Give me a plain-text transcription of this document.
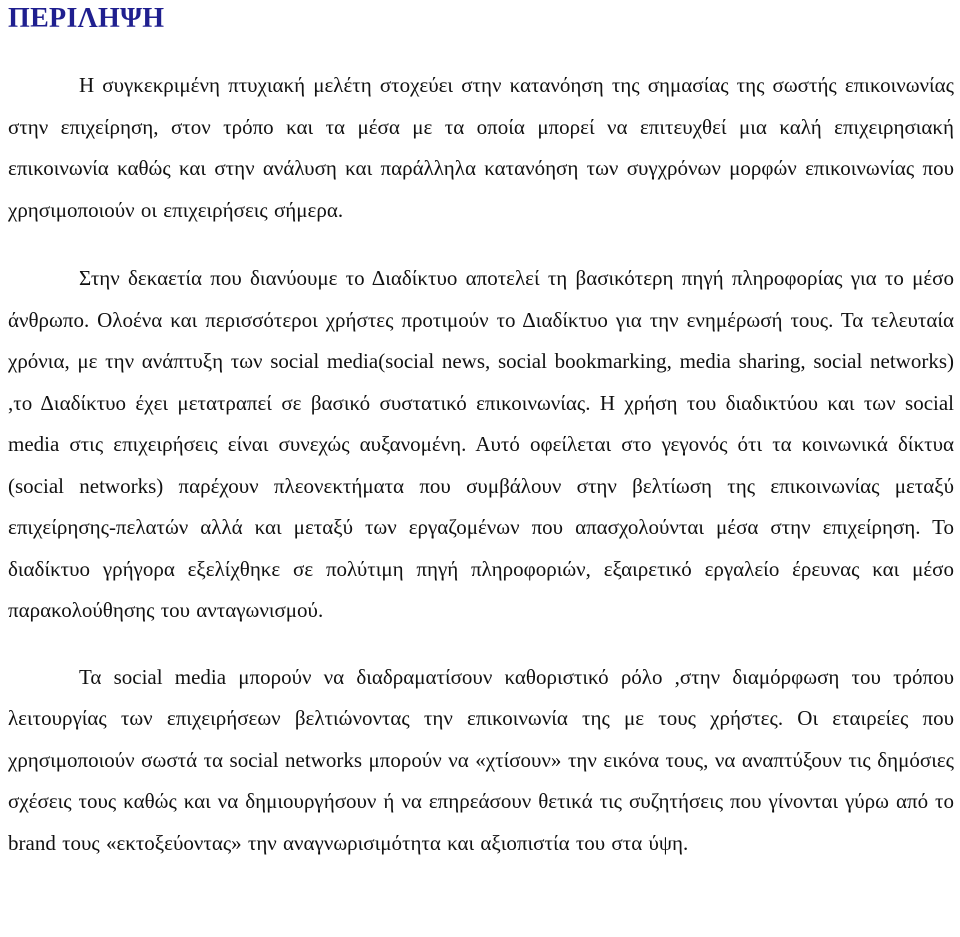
ΠΕΡΙΛΗΨΗ

Η συγκεκριμένη πτυχιακή μελέτη στοχεύει στην κατανόηση της σημασίας της σωστής επικοινωνίας στην επιχείρηση, στον τρόπο και τα μέσα με τα οποία μπορεί να επιτευχθεί μια καλή επιχειρησιακή επικοινωνία καθώς και στην ανάλυση και παράλληλα κατανόηση των συγχρόνων μορφών επικοινωνίας που χρησιμοποιούν οι επιχειρήσεις σήμερα.

Στην δεκαετία που διανύουμε το Διαδίκτυο αποτελεί τη βασικότερη πηγή πληροφορίας για το μέσο άνθρωπο. Ολοένα και περισσότεροι χρήστες προτιμούν το Διαδίκτυο για την ενημέρωσή τους. Τα τελευταία χρόνια, με την ανάπτυξη των social media(social news, social bookmarking, media sharing, social networks) ,το Διαδίκτυο έχει μετατραπεί σε βασικό συστατικό επικοινωνίας. Η χρήση του διαδικτύου και των social media στις επιχειρήσεις είναι συνεχώς αυξανομένη. Αυτό οφείλεται στο γεγονός ότι τα κοινωνικά δίκτυα (social networks) παρέχουν πλεονεκτήματα που συμβάλουν στην βελτίωση της επικοινωνίας μεταξύ επιχείρησης-πελατών αλλά και μεταξύ των εργαζομένων που απασχολούνται μέσα στην επιχείρηση. Το διαδίκτυο γρήγορα εξελίχθηκε σε πολύτιμη πηγή πληροφοριών, εξαιρετικό εργαλείο έρευνας και μέσο παρακολούθησης του ανταγωνισμού.

Τα social media μπορούν να διαδραματίσουν καθοριστικό ρόλο ,στην διαμόρφωση του τρόπου λειτουργίας των επιχειρήσεων βελτιώνοντας την επικοινωνία της με τους χρήστες. Οι εταιρείες που χρησιμοποιούν σωστά τα social networks μπορούν να «χτίσουν» την εικόνα τους, να αναπτύξουν τις δημόσιες σχέσεις τους καθώς και να δημιουργήσουν ή να επηρεάσουν θετικά τις συζητήσεις που γίνονται γύρω από το brand τους «εκτοξεύοντας» την αναγνωρισιμότητα και αξιοπιστία του στα ύψη.
